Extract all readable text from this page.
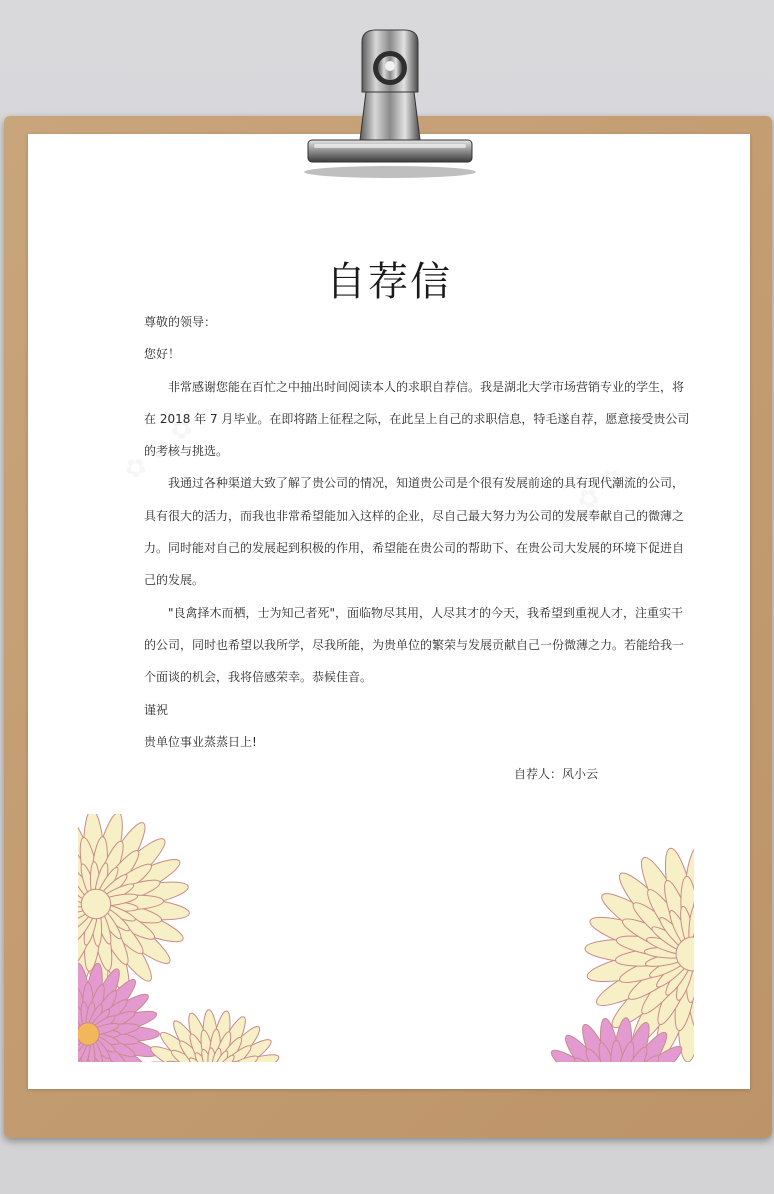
自荐信
尊敬的领导：
您好！
非常感谢您能在百忙之中抽出时间阅读本人的求职自荐信。我是湖北大学市场营销专业的学生，将
在 2018 年 7 月毕业。在即将踏上征程之际，在此呈上自己的求职信息，特毛遂自荐，愿意接受贵公司
的考核与挑选。
我通过各种渠道大致了解了贵公司的情况，知道贵公司是个很有发展前途的具有现代潮流的公司，
具有很大的活力，而我也非常希望能加入这样的企业，尽自己最大努力为公司的发展奉献自己的微薄之
力。同时能对自己的发展起到积极的作用，希望能在贵公司的帮助下、在贵公司大发展的环境下促进自
己的发展。
"良禽择木而栖，士为知己者死"，面临物尽其用，人尽其才的今天，我希望到重视人才，注重实干
的公司，同时也希望以我所学，尽我所能，为贵单位的繁荣与发展贡献自己一份微薄之力。若能给我一
个面谈的机会，我将倍感荣幸。恭候佳音。
谨祝
贵单位事业蒸蒸日上!
自荐人：风小云
